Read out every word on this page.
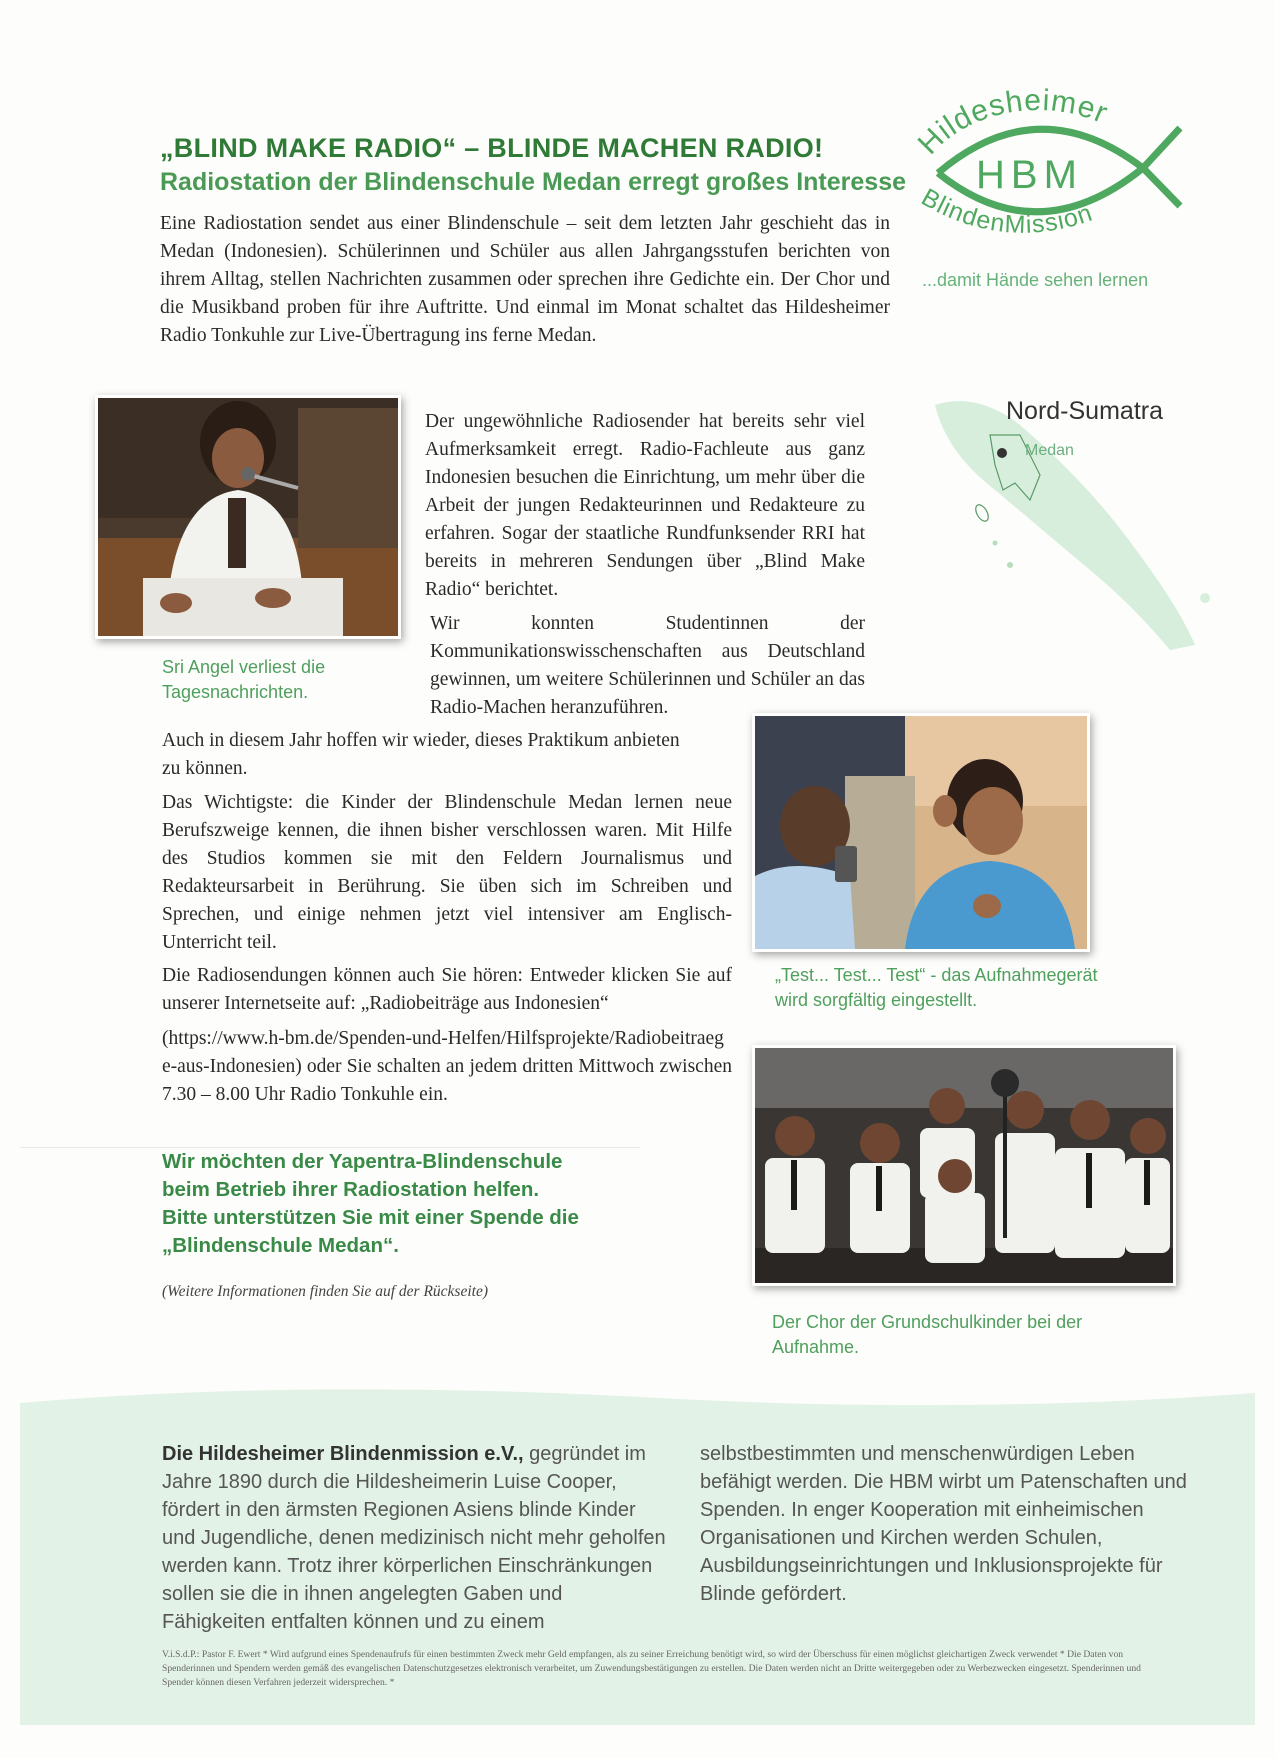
„BLIND MAKE RADIO“ – BLINDE MACHEN RADIO!
Radiostation der Blindenschule Medan erregt großes Interesse
Eine Radiostation sendet aus einer Blindenschule – seit dem letzten Jahr geschieht das in Medan (Indonesien). Schülerinnen und Schüler aus allen Jahrgangsstufen berichten von ihrem Alltag, stellen Nachrichten zusammen oder sprechen ihre Gedichte ein. Der Chor und die Musikband proben für ihre Auftritte. Und einmal im Monat schaltet das Hildesheimer Radio Tonkuhle zur Live-Übertragung ins ferne Medan.
Hildesheimer
HBM
BlindenMission
...damit Hände sehen lernen
Nord-Sumatra
Medan
Sri Angel verliest die Tagesnachrichten.
Der ungewöhnliche Radiosender hat bereits sehr viel Aufmerksamkeit erregt. Radio-Fachleute aus ganz Indonesien besuchen die Einrichtung, um mehr über die Arbeit der jungen Redakteurinnen und Redakteure zu erfahren. Sogar der staatliche Rundfunksender RRI hat bereits in mehreren Sendungen über „Blind Make Radio“ berichtet.
Wir konnten Studentinnen der Kommunikationswisschenschaften aus Deutschland gewinnen, um weitere Schülerinnen und Schüler an das Radio-Machen heranzuführen.
Auch in diesem Jahr hoffen wir wieder, dieses Praktikum anbieten zu können.
Das Wichtigste: die Kinder der Blindenschule Medan lernen neue Berufszweige kennen, die ihnen bisher verschlossen waren. Mit Hilfe des Studios kommen sie mit den Feldern Journalismus und Redakteursarbeit in Berührung. Sie üben sich im Schreiben und Sprechen, und einige nehmen jetzt viel intensiver am Englisch-Unterricht teil.
Die Radiosendungen können auch Sie hören: Entweder klicken Sie auf unserer Internetseite auf: „Radiobeiträge aus Indonesien“
(https://www.h-bm.de/Spenden-und-Helfen/Hilfsprojekte/Radiobeitraege-aus-Indonesien) oder Sie schalten an jedem dritten Mittwoch zwischen 7.30 – 8.00 Uhr Radio Tonkuhle ein.
„Test... Test... Test“ - das Aufnahmegerät wird sorgfältig eingestellt.
Der Chor der Grundschulkinder bei der Aufnahme.
Wir möchten der Yapentra-Blindenschule
beim Betrieb ihrer Radiostation helfen.
Bitte unterstützen Sie mit einer Spende die
„Blindenschule Medan“.
(Weitere Informationen finden Sie auf der Rückseite)
Die Hildesheimer Blindenmission e.V., gegründet im Jahre 1890 durch die Hildesheimerin Luise Cooper, fördert in den ärmsten Regionen Asiens blinde Kinder und Jugendliche, denen medizinisch nicht mehr geholfen werden kann. Trotz ihrer körperlichen Einschränkungen sollen sie die in ihnen angelegten Gaben und Fähigkeiten entfalten können und zu einem
selbstbestimmten und menschenwürdigen Leben befähigt werden. Die HBM wirbt um Patenschaften und Spenden. In enger Kooperation mit einheimischen Organisationen und Kirchen werden Schulen, Ausbildungseinrichtungen und Inklusionsprojekte für Blinde gefördert.
V.i.S.d.P.: Pastor F. Ewert * Wird aufgrund eines Spendenaufrufs für einen bestimmten Zweck mehr Geld empfangen, als zu seiner Erreichung benötigt wird, so wird der Überschuss für einen möglichst gleichartigen Zweck verwendet * Die Daten von Spenderinnen und Spendern werden gemäß des evangelischen Datenschutzgesetzes elektronisch verarbeitet, um Zuwendungsbestätigungen zu erstellen. Die Daten werden nicht an Dritte weitergegeben oder zu Werbezwecken eingesetzt. Spenderinnen und Spender können diesen Verfahren jederzeit widersprechen. *
